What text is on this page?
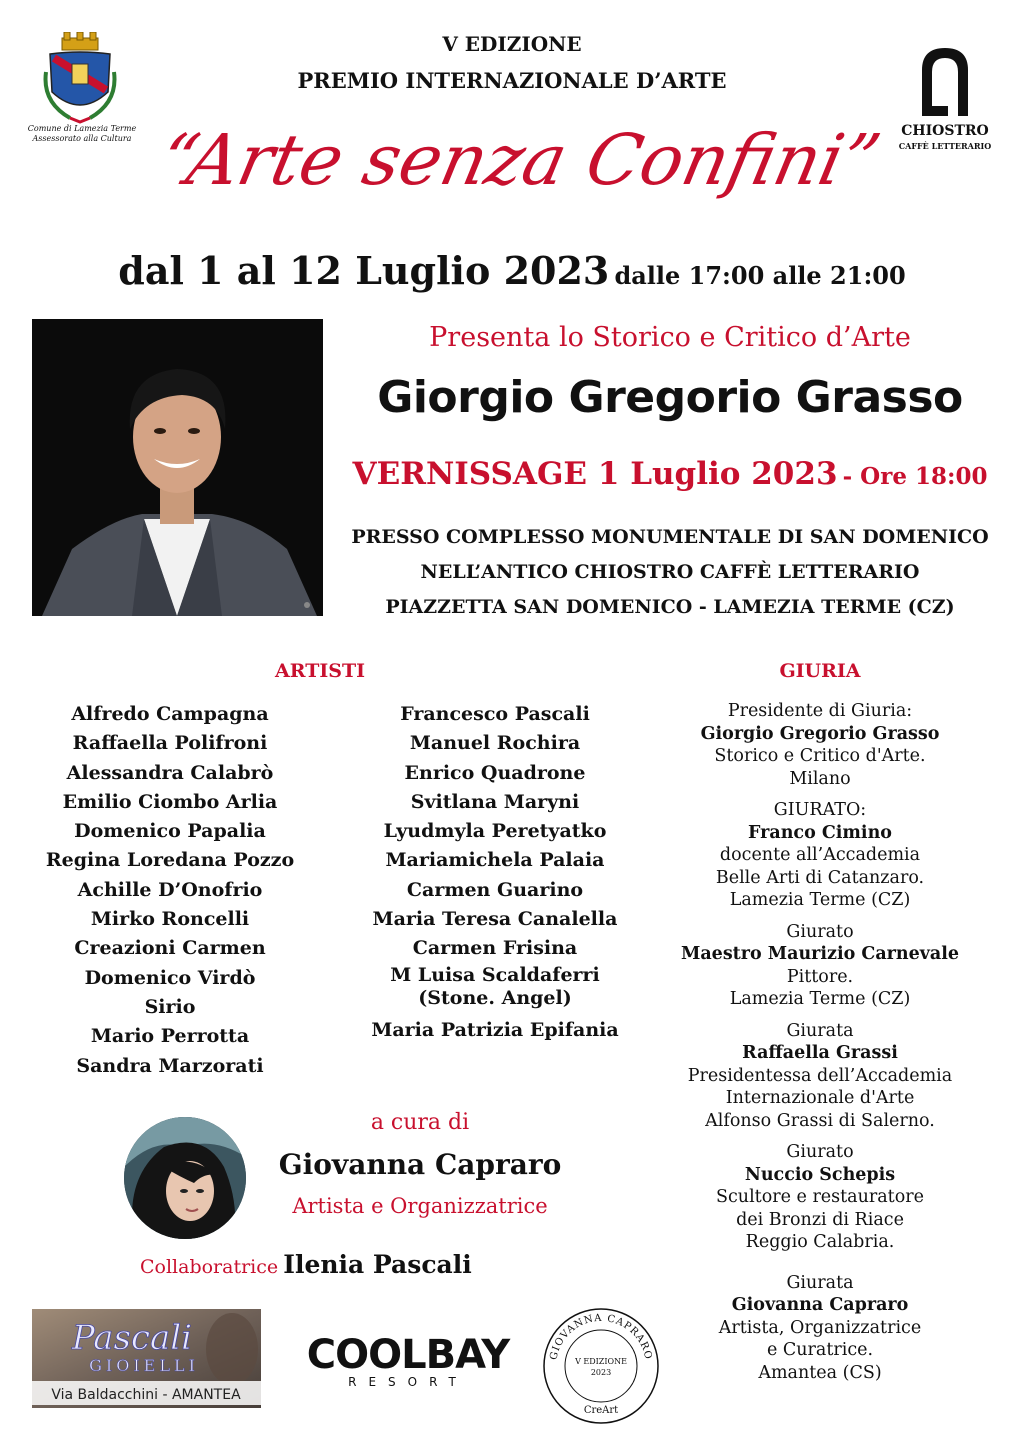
Comune di Lamezia Terme
Assessorato alla Cultura
V EDIZIONE
PREMIO INTERNAZIONALE D’ARTE
“Arte senza Confini”	CHIOSTRO
CAFFÈ LETTERARIO
dal 1 al 12 Luglio 2023 dalle 17:00 alle 21:00
Presenta lo Storico e Critico d’Arte
Giorgio Gregorio Grasso
VERNISSAGE 1 Luglio 2023 - Ore 18:00
PRESSO COMPLESSO MONUMENTALE DI SAN DOMENICO
NELL’ANTICO CHIOSTRO CAFFÈ LETTERARIO
PIAZZETTA SAN DOMENICO - LAMEZIA TERME (CZ)
ARTISTI
Alfredo Campagna
Raffaella Polifroni
Alessandra Calabrò
Emilio Ciombo Arlia
Domenico Papalia
Regina Loredana Pozzo
Achille D’Onofrio
Mirko Roncelli
Creazioni Carmen
Domenico Virdò
Sirio
Mario Perrotta
Sandra Marzorati
Francesco Pascali
Manuel Rochira
Enrico Quadrone
Svitlana Maryni
Lyudmyla Peretyatko
Mariamichela Palaia
Carmen Guarino
Maria Teresa Canalella
Carmen Frisina
M Luisa Scaldaferri
(Stone. Angel)
Maria Patrizia Epifania
GIURIA
Presidente di Giuria:
Giorgio Gregorio Grasso
Storico e Critico d'Arte.
Milano
GIURATO:
Franco Cimino
docente all’Accademia
Belle Arti di Catanzaro.
Lamezia Terme (CZ)
Giurato
Maestro Maurizio Carnevale
Pittore.
Lamezia Terme (CZ)
Giurata
Raffaella Grassi
Presidentessa dell’Accademia
Internazionale d'Arte
Alfonso Grassi di Salerno.
Giurato
Nuccio Schepis
Scultore e restauratore
dei Bronzi di Riace
Reggio Calabria.
Giurata
Giovanna Capraro
Artista, Organizzatrice
e Curatrice.
Amantea (CS)
a cura di
Giovanna Capraro
Artista e Organizzatrice
Collaboratrice Ilenia Pascali
Pascali
GIOIELLI
Via Baldacchini - AMANTEA
COOLBAY
RESORT
GIOVANNA CAPRARO
V EDIZIONE
2023
CreArt
